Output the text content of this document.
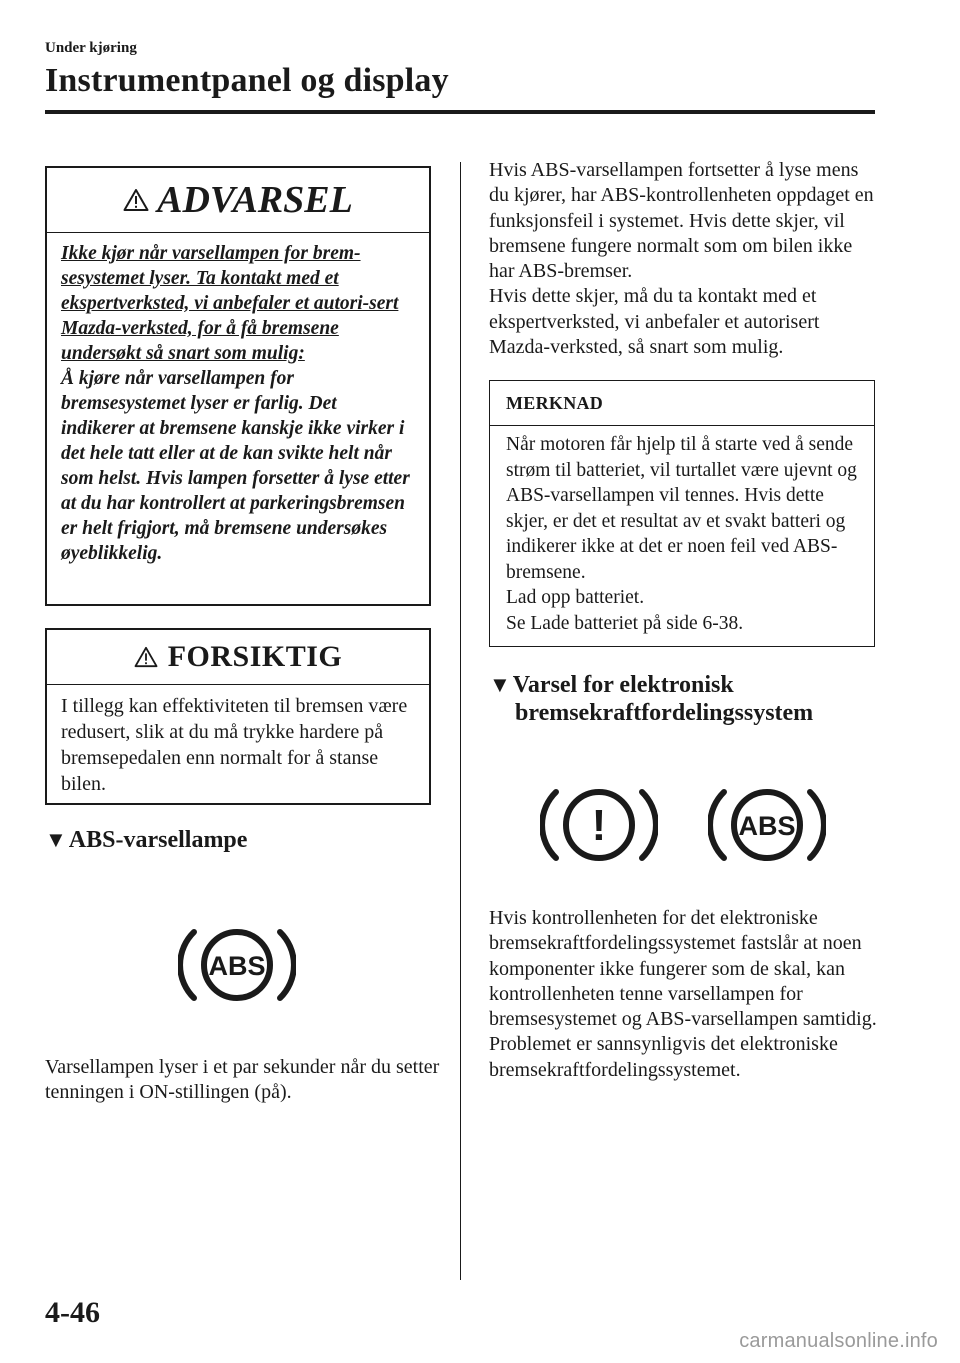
Under kjøring
Instrumentpanel og display
ADVARSEL
Ikke kjør når varsellampen for brem-sesystemet lyser. Ta kontakt med et ekspertverksted, vi anbefaler et autori-sert Mazda-verksted, for å få bremsene undersøkt så snart som mulig:
Å kjøre når varsellampen for bremsesystemet lyser er farlig. Det indikerer at bremsene kanskje ikke virker i det hele tatt eller at de kan svikte helt når som helst. Hvis lampen forsetter å lyse etter at du har kontrollert at parkeringsbremsen er helt frigjort, må bremsene undersøkes øyeblikkelig.
FORSIKTIG
I tillegg kan effektiviteten til bremsen være redusert, slik at du må trykke hardere på bremsepedalen enn normalt for å stanse bilen.
▼ABS-varsellampe
ABS
Varsellampen lyser i et par sekunder når du setter tenningen i ON-stillingen (på).

Hvis ABS-varsellampen fortsetter å lyse mens du kjører, har ABS-kontrollenheten oppdaget en funksjonsfeil i systemet. Hvis dette skjer, vil bremsene fungere normalt som om bilen ikke har ABS-bremser.

Hvis dette skjer, må du ta kontakt med et ekspertverksted, vi anbefaler et autorisert Mazda-verksted, så snart som mulig.

MERKNAD
Når motoren får hjelp til å starte ved å sende strøm til batteriet, vil turtallet være ujevnt og ABS-varsellampen vil tennes. Hvis dette skjer, er det et resultat av et svakt batteri og indikerer ikke at det er noen feil ved ABS-bremsene.
Lad opp batteriet.
Se Lade batteriet på side 6-38.
▼Varsel for elektronisk
bremsekraftfordelingssystem
!	ABS
Hvis kontrollenheten for det elektroniske bremsekraftfordelingssystemet fastslår at noen komponenter ikke fungerer som de skal, kan kontrollenheten tenne varsellampen for bremsesystemet og ABS-varsellampen samtidig. Problemet er sannsynligvis det elektroniske bremsekraftfordelingssystemet.
4-46
carmanualsonline.info
